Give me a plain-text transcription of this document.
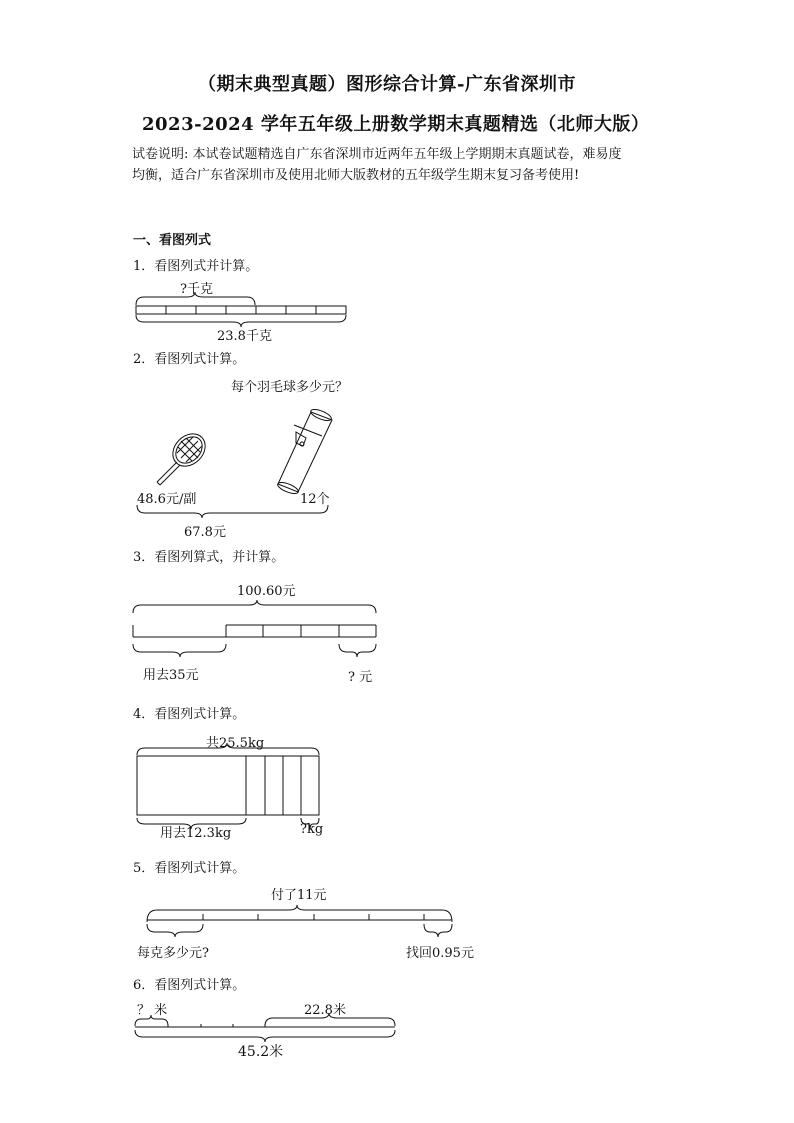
（期末典型真题）图形综合计算-广东省深圳市
2023-2024 学年五年级上册数学期末真题精选（北师大版）
试卷说明: 本试卷试题精选自广东省深圳市近两年五年级上学期期末真题试卷，难易度
均衡，适合广东省深圳市及使用北师大版教材的五年级学生期末复习备考使用!
一、看图列式
1．看图列式并计算。
?千克
23.8千克
2．看图列式计算。
每个羽毛球多少元？
48.6元/副	12个
67.8元
3．看图列算式，并计算。
100.60元
用去35元	? 元
4．看图列式计算。
共25.5kg
用去12.3kg	?kg
5．看图列式计算。
付了11元
每克多少元?	找回0.95元
6．看图列式计算。
？ 米	22.8米
45.2米
